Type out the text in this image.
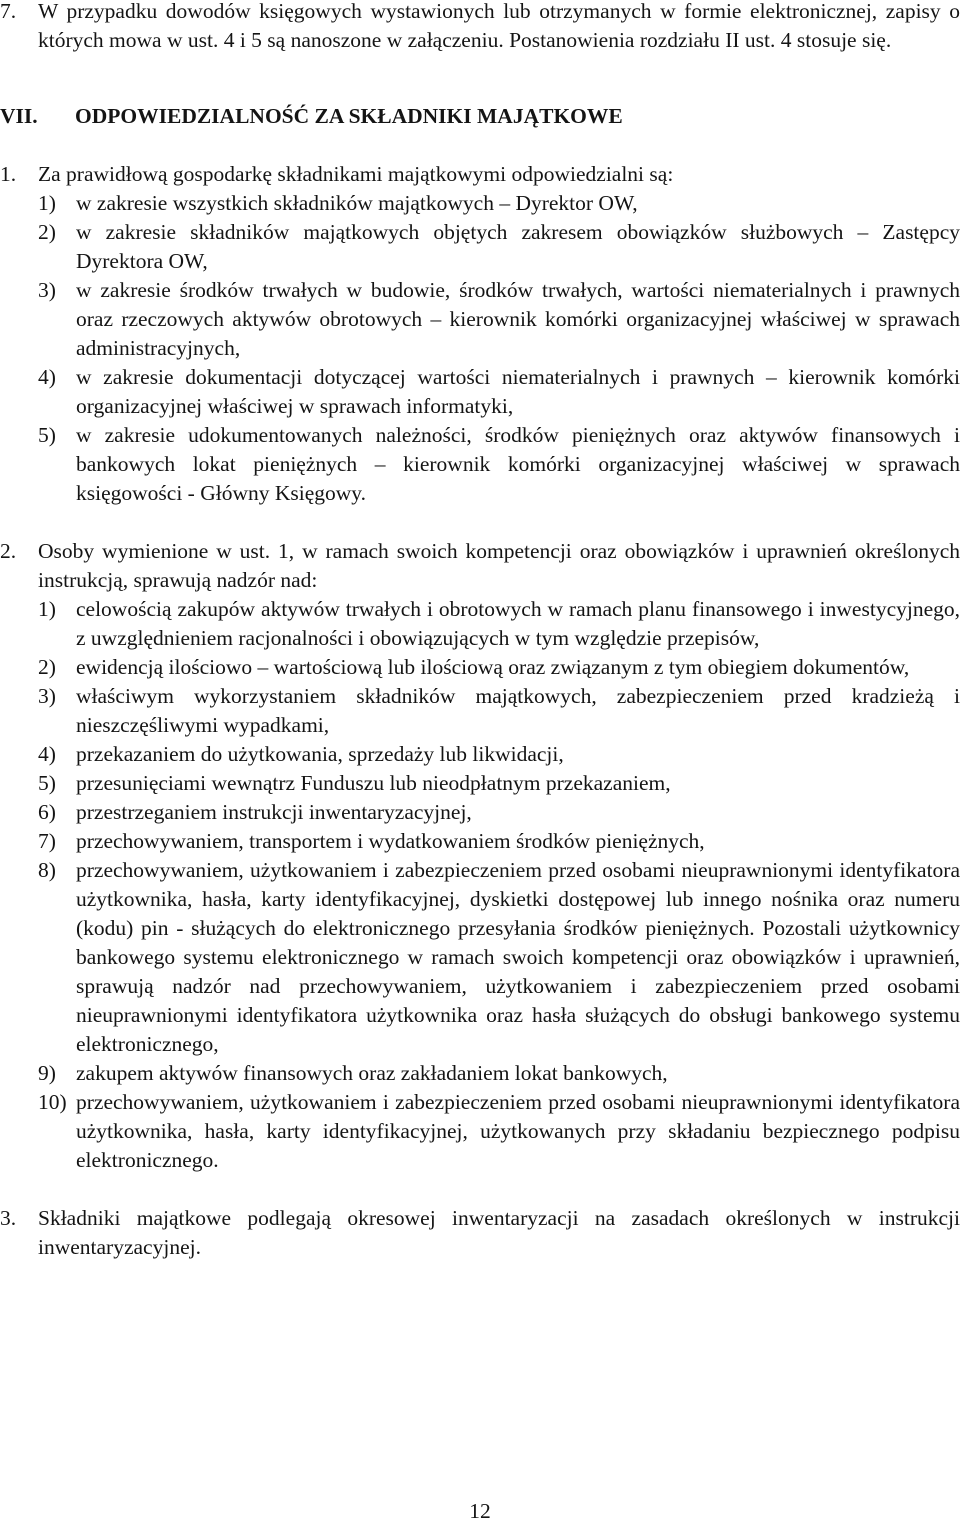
7. W przypadku dowodów księgowych wystawionych lub otrzymanych w formie elektronicznej, zapisy o których mowa w ust. 4 i 5 są nanoszone w załączeniu. Postanowienia rozdziału II ust. 4 stosuje się.
VII. ODPOWIEDZIALNOŚĆ ZA SKŁADNIKI MAJĄTKOWE
1. Za prawidłową gospodarkę składnikami majątkowymi odpowiedzialni są:
1) w zakresie wszystkich składników majątkowych – Dyrektor OW,
2) w zakresie składników majątkowych objętych zakresem obowiązków służbowych – Zastępcy Dyrektora OW,
3) w zakresie środków trwałych w budowie, środków trwałych, wartości niematerialnych i prawnych oraz rzeczowych aktywów obrotowych – kierownik komórki organizacyjnej właściwej w sprawach administracyjnych,
4) w zakresie dokumentacji dotyczącej wartości niematerialnych i prawnych – kierownik komórki organizacyjnej właściwej w sprawach informatyki,
5) w zakresie udokumentowanych należności, środków pieniężnych oraz aktywów finansowych i bankowych lokat pieniężnych – kierownik komórki organizacyjnej właściwej w sprawach księgowości - Główny Księgowy.
2. Osoby wymienione w ust. 1, w ramach swoich kompetencji oraz obowiązków i uprawnień określonych instrukcją, sprawują nadzór nad:
1) celowością zakupów aktywów trwałych i obrotowych w ramach planu finansowego i inwestycyjnego, z uwzględnieniem racjonalności i obowiązujących w tym względzie przepisów,
2) ewidencją ilościowo – wartościową lub ilościową oraz związanym z tym obiegiem dokumentów,
3) właściwym wykorzystaniem składników majątkowych, zabezpieczeniem przed kradzieżą i nieszczęśliwymi wypadkami,
4) przekazaniem do użytkowania, sprzedaży lub likwidacji,
5) przesunięciami wewnątrz Funduszu lub nieodpłatnym przekazaniem,
6) przestrzeganiem instrukcji inwentaryzacyjnej,
7) przechowywaniem, transportem i wydatkowaniem środków pieniężnych,
8) przechowywaniem, użytkowaniem i zabezpieczeniem przed osobami nieuprawnionymi identyfikatora użytkownika, hasła, karty identyfikacyjnej, dyskietki dostępowej lub innego nośnika oraz numeru (kodu) pin - służących do elektronicznego przesyłania środków pieniężnych. Pozostali użytkownicy bankowego systemu elektronicznego w ramach swoich kompetencji oraz obowiązków i uprawnień, sprawują nadzór nad przechowywaniem, użytkowaniem i zabezpieczeniem przed osobami nieuprawnionymi identyfikatora użytkownika oraz hasła służących do obsługi bankowego systemu elektronicznego,
9) zakupem aktywów finansowych oraz zakładaniem lokat bankowych,
10) przechowywaniem, użytkowaniem i zabezpieczeniem przed osobami nieuprawnionymi identyfikatora użytkownika, hasła, karty identyfikacyjnej, użytkowanych przy składaniu bezpiecznego podpisu elektronicznego.
3. Składniki majątkowe podlegają okresowej inwentaryzacji na zasadach określonych w instrukcji inwentaryzacyjnej.
12
